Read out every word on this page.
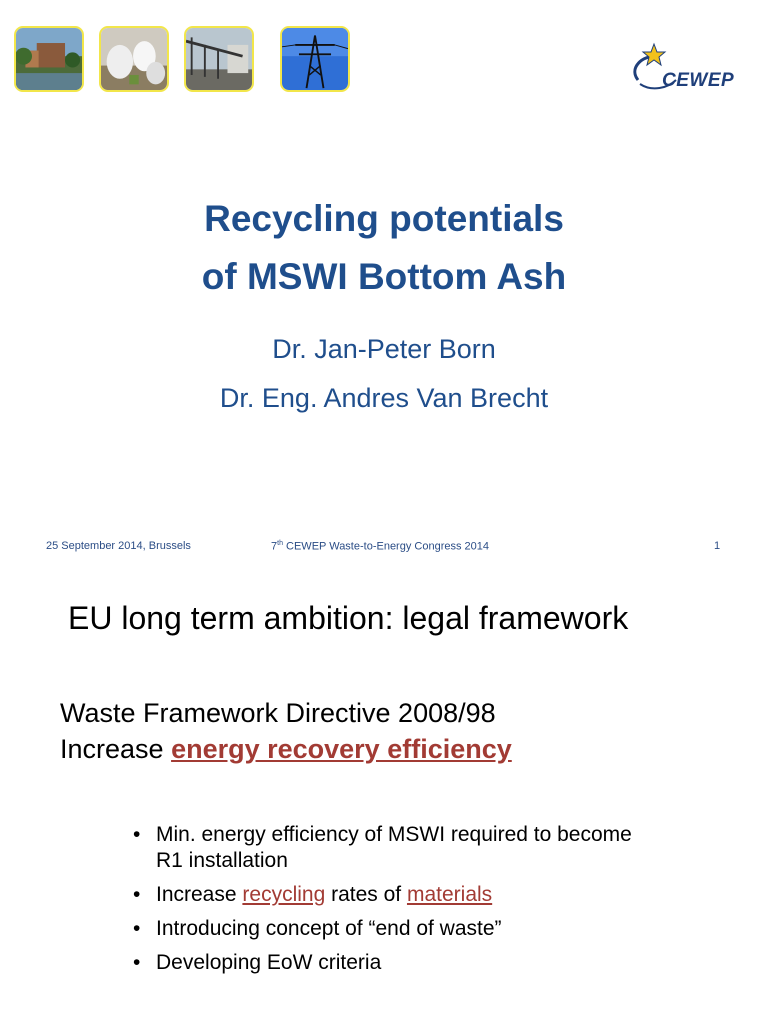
CEWEP
Recycling potentials
of MSWI Bottom Ash
Dr. Jan-Peter Born
Dr. Eng. Andres Van Brecht
25 September 2014, Brussels	7th CEWEP Waste-to-Energy Congress 2014	1
EU long term ambition: legal framework
Waste Framework Directive 2008/98
Increase energy recovery efficiency
• Min. energy efficiency of MSWI required to become R1 installation
• Increase recycling rates of materials
• Introducing concept of “end of waste”
• Developing EoW criteria
